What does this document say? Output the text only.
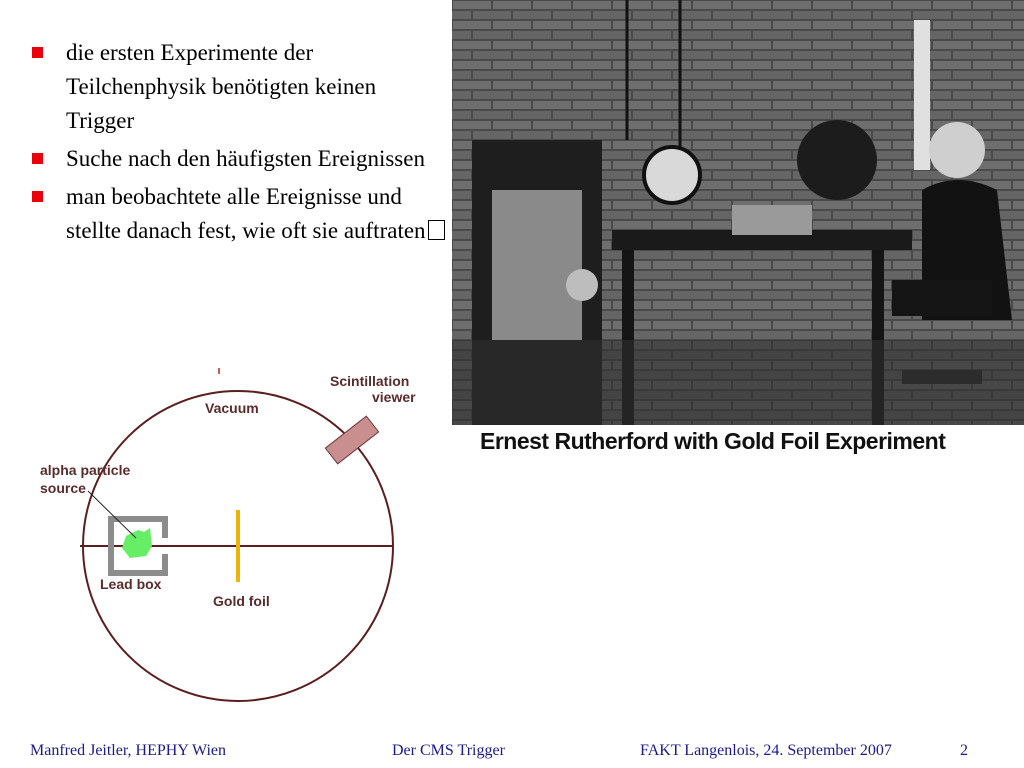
die ersten Experimente der Teilchenphysik benötigten keinen Trigger
Suche nach den häufigsten Ereignissen
man beobachtete alle Ereignisse und stellte danach fest, wie oft sie auftraten
Ernest Rutherford with Gold Foil Experiment
Scintillation
viewer
Vacuum
alpha particle
source
Lead box
Gold foil
Manfred Jeitler, HEPHY Wien	Der CMS Trigger	FAKT Langenlois, 24. September 2007	2
